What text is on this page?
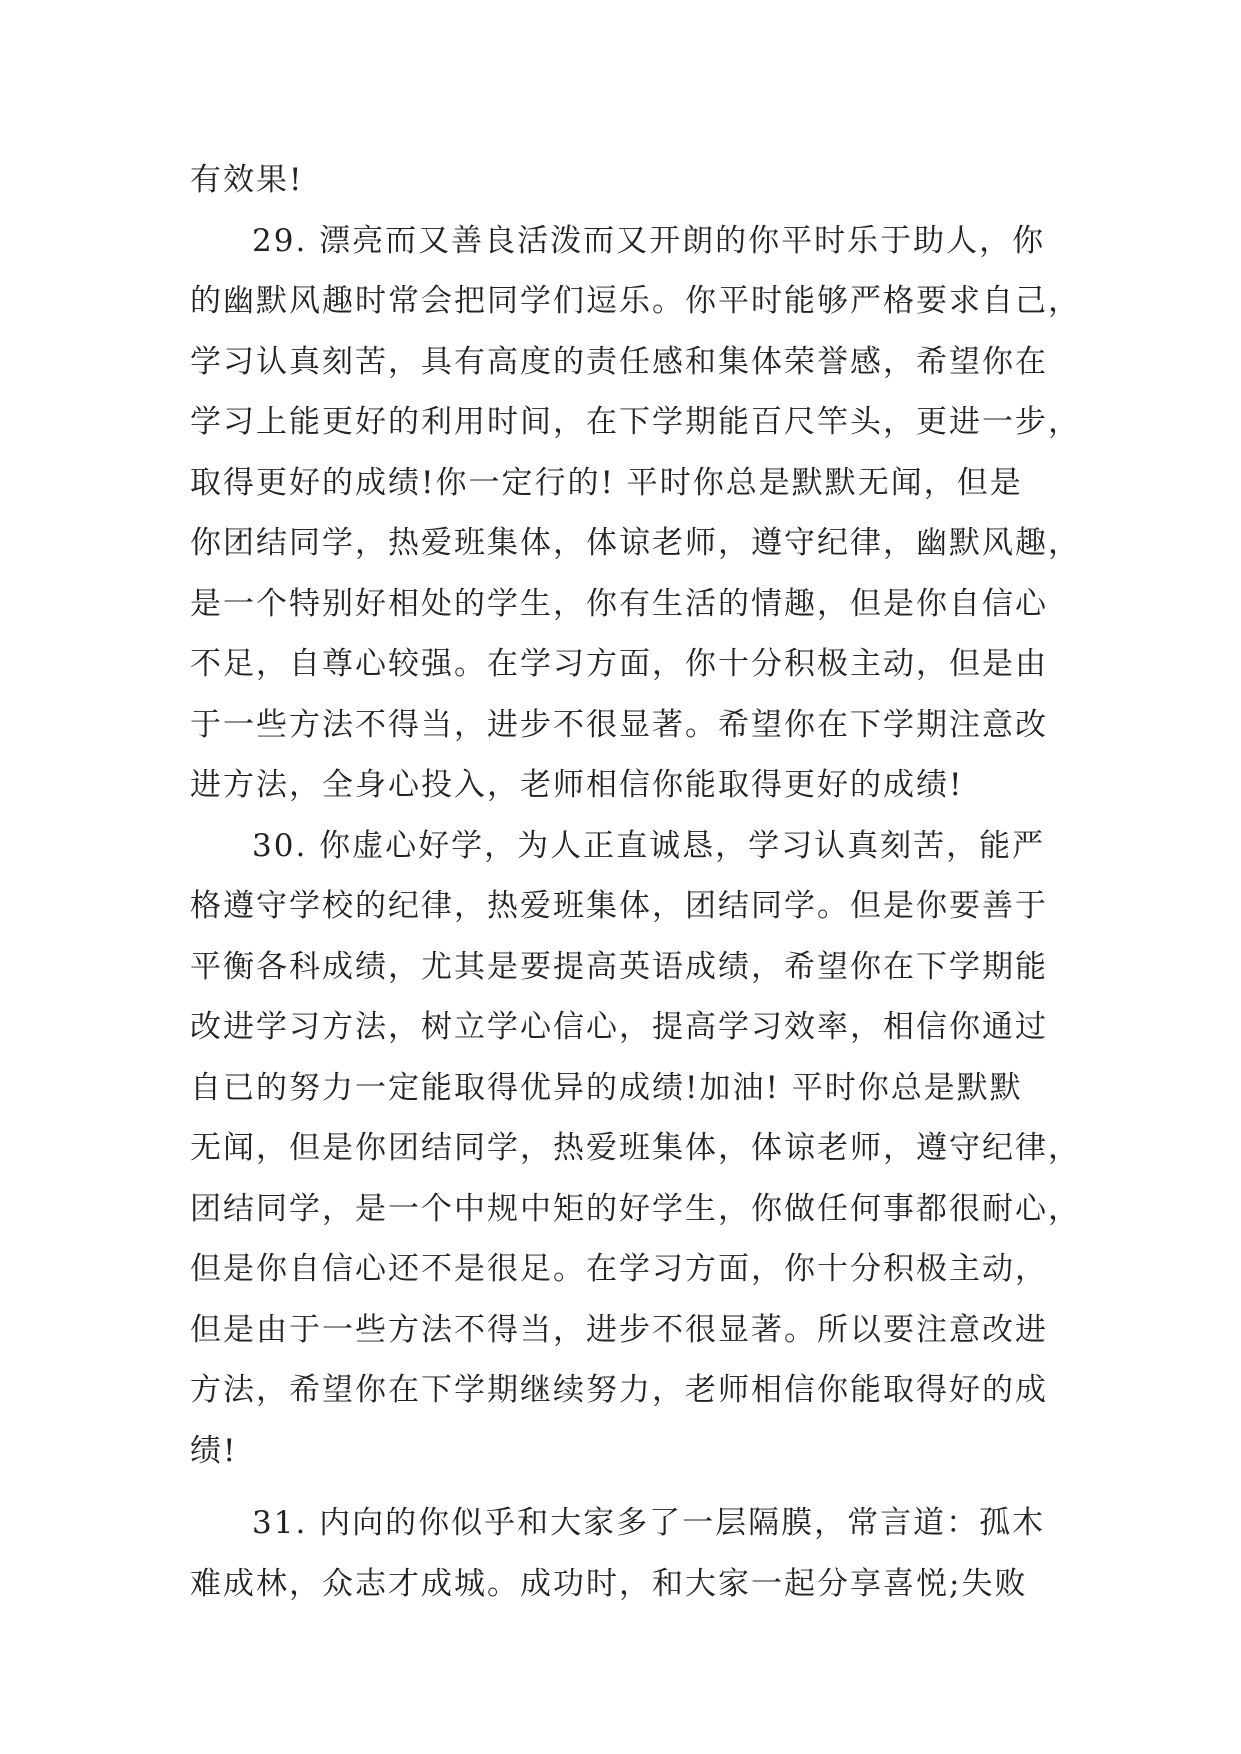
有效果!

29. 漂亮而又善良活泼而又开朗的你平时乐于助人，你

的幽默风趣时常会把同学们逗乐。你平时能够严格要求自己，

学习认真刻苦，具有高度的责任感和集体荣誉感，希望你在

学习上能更好的利用时间，在下学期能百尺竿头，更进一步，

取得更好的成绩!你一定行的! 平时你总是默默无闻，但是

你团结同学，热爱班集体，体谅老师，遵守纪律，幽默风趣，

是一个特别好相处的学生，你有生活的情趣，但是你自信心

不足，自尊心较强。在学习方面，你十分积极主动，但是由

于一些方法不得当，进步不很显著。希望你在下学期注意改

进方法，全身心投入，老师相信你能取得更好的成绩!

30. 你虚心好学，为人正直诚恳，学习认真刻苦，能严

格遵守学校的纪律，热爱班集体，团结同学。但是你要善于

平衡各科成绩，尤其是要提高英语成绩，希望你在下学期能

改进学习方法，树立学心信心，提高学习效率，相信你通过

自已的努力一定能取得优异的成绩!加油! 平时你总是默默

无闻，但是你团结同学，热爱班集体，体谅老师，遵守纪律，

团结同学，是一个中规中矩的好学生，你做任何事都很耐心，

但是你自信心还不是很足。在学习方面，你十分积极主动，

但是由于一些方法不得当，进步不很显著。所以要注意改进

方法，希望你在下学期继续努力，老师相信你能取得好的成

绩!

31. 内向的你似乎和大家多了一层隔膜，常言道：孤木

难成林，众志才成城。成功时，和大家一起分享喜悦;失败
